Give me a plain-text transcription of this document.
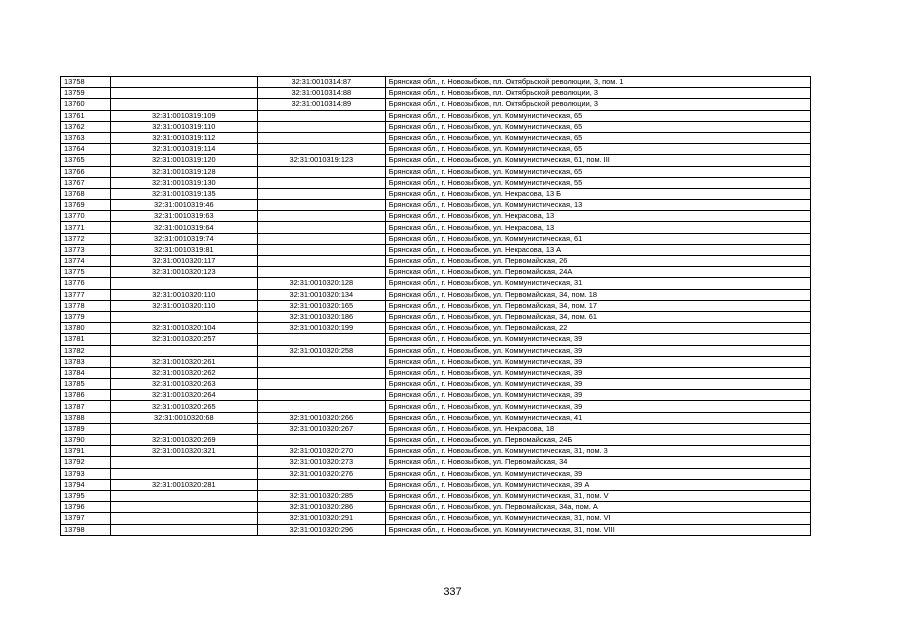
13758		32:31:0010314:87	Брянская обл., г. Новозыбков, пл. Октябрьской революции, 3, пом. 1
13759		32:31:0010314:88	Брянская обл., г. Новозыбков, пл. Октябрьской революции, 3
13760		32:31:0010314:89	Брянская обл., г. Новозыбков, пл. Октябрьской революции, 3
13761	32:31:0010319:109		Брянская обл., г. Новозыбков, ул. Коммунистическая, 65
13762	32:31:0010319:110		Брянская обл., г. Новозыбков, ул. Коммунистическая, 65
13763	32:31:0010319:112		Брянская обл., г. Новозыбков, ул. Коммунистическая, 65
13764	32:31:0010319:114		Брянская обл., г. Новозыбков, ул. Коммунистическая, 65
13765	32:31:0010319:120	32:31:0010319:123	Брянская обл., г. Новозыбков, ул. Коммунистическая, 61, пом. III
13766	32:31:0010319:128		Брянская обл., г. Новозыбков, ул. Коммунистическая, 65
13767	32:31:0010319:130		Брянская обл., г. Новозыбков, ул. Коммунистическая, 55
13768	32:31:0010319:135		Брянская обл., г. Новозыбков, ул. Некрасова, 13 Б
13769	32:31:0010319:46		Брянская обл., г. Новозыбков, ул. Коммунистическая, 13
13770	32:31:0010319:63		Брянская обл., г. Новозыбков, ул. Некрасова, 13
13771	32:31:0010319:64		Брянская обл., г. Новозыбков, ул. Некрасова, 13
13772	32:31:0010319:74		Брянская обл., г. Новозыбков, ул. Коммунистическая, 61
13773	32:31:0010319:81		Брянская обл., г. Новозыбков, ул. Некрасова, 13 А
13774	32:31:0010320:117		Брянская обл., г. Новозыбков, ул. Первомайская, 26
13775	32:31:0010320:123		Брянская обл., г. Новозыбков, ул. Первомайская, 24А
13776		32:31:0010320:128	Брянская обл., г. Новозыбков, ул. Коммунистическая, 31
13777	32:31:0010320:110	32:31:0010320:134	Брянская обл., г. Новозыбков, ул. Первомайская, 34, пом. 18
13778	32:31:0010320:110	32:31:0010320:165	Брянская обл., г. Новозыбков, ул. Первомайская, 34, пом. 17
13779		32:31:0010320:186	Брянская обл., г. Новозыбков, ул. Первомайская, 34, пом. 61
13780	32:31:0010320:104	32:31:0010320:199	Брянская обл., г. Новозыбков, ул. Первомайская, 22
13781	32:31:0010320:257		Брянская обл., г. Новозыбков, ул. Коммунистическая, 39
13782		32:31:0010320:258	Брянская обл., г. Новозыбков, ул. Коммунистическая, 39
13783	32:31:0010320:261		Брянская обл., г. Новозыбков, ул. Коммунистическая, 39
13784	32:31:0010320:262		Брянская обл., г. Новозыбков, ул. Коммунистическая, 39
13785	32:31:0010320:263		Брянская обл., г. Новозыбков, ул. Коммунистическая, 39
13786	32:31:0010320:264		Брянская обл., г. Новозыбков, ул. Коммунистическая, 39
13787	32:31:0010320:265		Брянская обл., г. Новозыбков, ул. Коммунистическая, 39
13788	32:31:0010320:68	32:31:0010320:266	Брянская обл., г. Новозыбков, ул. Коммунистическая, 41
13789		32:31:0010320:267	Брянская обл., г. Новозыбков, ул. Некрасова, 18
13790	32:31:0010320:269		Брянская обл., г. Новозыбков, ул. Первомайская, 24Б
13791	32:31:0010320:321	32:31:0010320:270	Брянская обл., г. Новозыбков, ул. Коммунистическая, 31, пом. 3
13792		32:31:0010320:273	Брянская обл., г. Новозыбков, ул. Первомайская, 34
13793		32:31:0010320:276	Брянская обл., г. Новозыбков, ул. Коммунистическая, 39
13794	32:31:0010320:281		Брянская обл., г. Новозыбков, ул. Коммунистическая, 39 А
13795		32:31:0010320:285	Брянская обл., г. Новозыбков, ул. Коммунистическая, 31, пом. V
13796		32:31:0010320:286	Брянская обл., г. Новозыбков, ул. Первомайская, 34а, пом. А
13797		32:31:0010320:291	Брянская обл., г. Новозыбков, ул. Коммунистическая, 31, пом. VI
13798		32:31:0010320:296	Брянская обл., г. Новозыбков, ул. Коммунистическая, 31, пом. VIII
337
